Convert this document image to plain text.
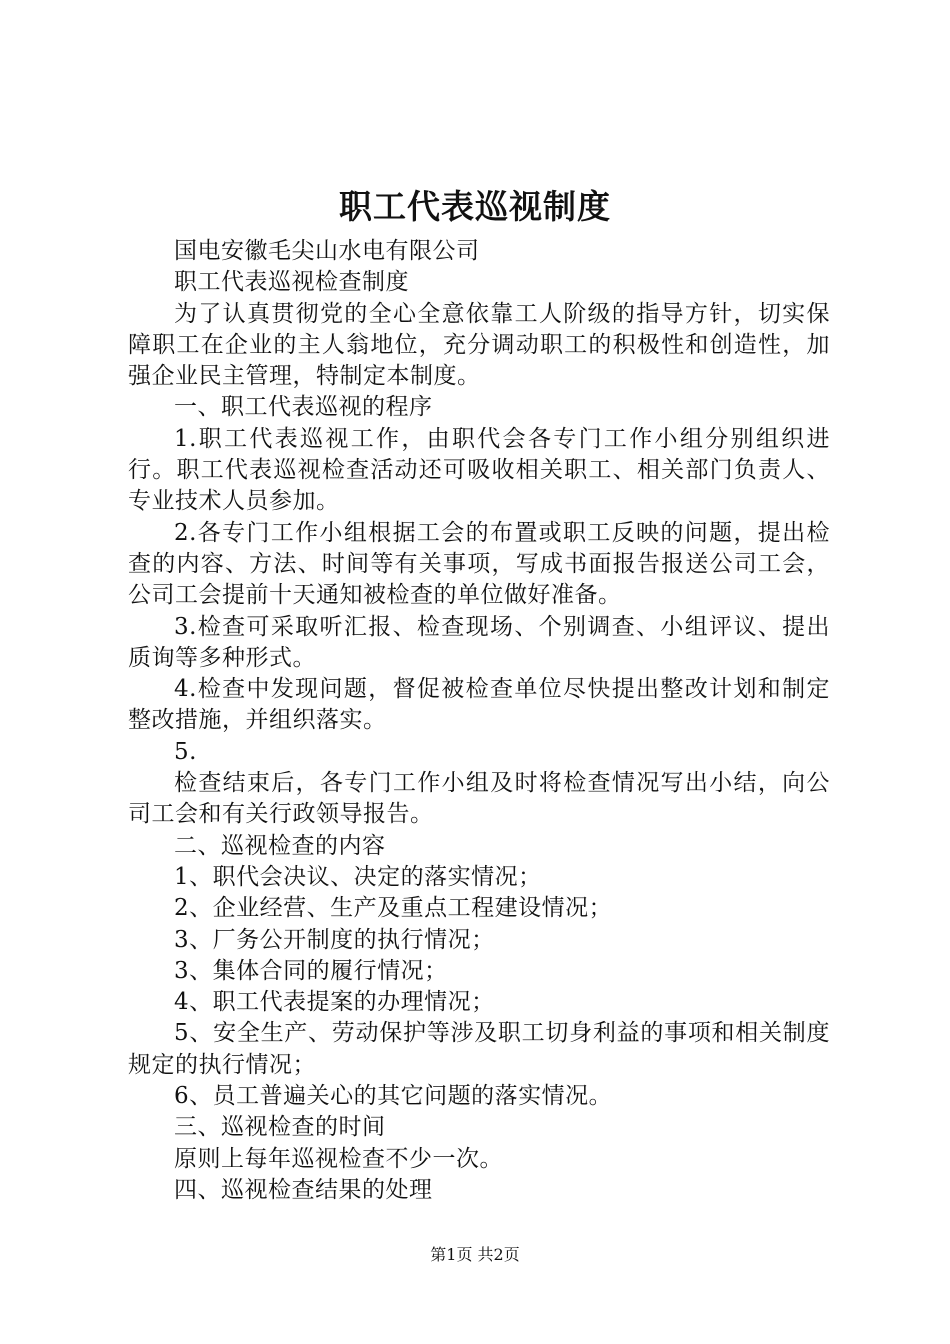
职工代表巡视制度

国电安徽毛尖山水电有限公司

职工代表巡视检查制度

为了认真贯彻党的全心全意依靠工人阶级的指导方针，切实保障职工在企业的主人翁地位，充分调动职工的积极性和创造性，加强企业民主管理，特制定本制度。

一、职工代表巡视的程序

1.职工代表巡视工作，由职代会各专门工作小组分别组织进行。职工代表巡视检查活动还可吸收相关职工、相关部门负责人、专业技术人员参加。

2.各专门工作小组根据工会的布置或职工反映的问题，提出检查的内容、方法、时间等有关事项，写成书面报告报送公司工会，公司工会提前十天通知被检查的单位做好准备。

3.检查可采取听汇报、检查现场、个别调查、小组评议、提出质询等多种形式。

4.检查中发现问题，督促被检查单位尽快提出整改计划和制定整改措施，并组织落实。

5.

检查结束后，各专门工作小组及时将检查情况写出小结，向公司工会和有关行政领导报告。

二、巡视检查的内容

1、职代会决议、决定的落实情况；

2、企业经营、生产及重点工程建设情况；

3、厂务公开制度的执行情况；

3、集体合同的履行情况；

4、职工代表提案的办理情况；

5、安全生产、劳动保护等涉及职工切身利益的事项和相关制度规定的执行情况；

6、员工普遍关心的其它问题的落实情况。

三、巡视检查的时间

原则上每年巡视检查不少一次。

四、巡视检查结果的处理

第1页 共2页
